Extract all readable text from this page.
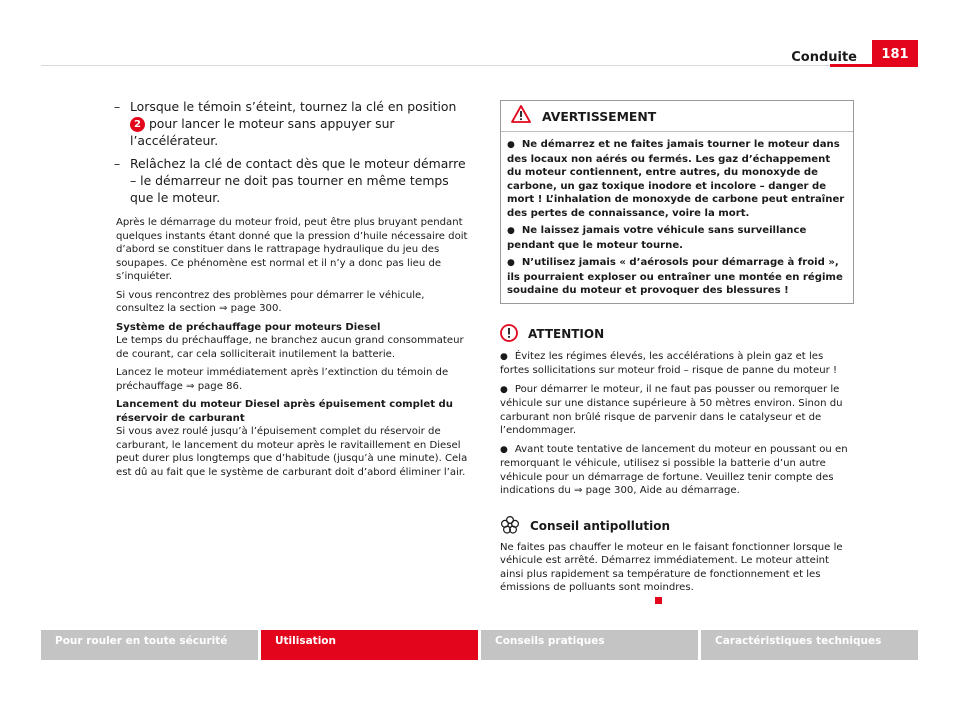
Conduite	181
– Lorsque le témoin s’éteint, tournez la clé en position 2 pour lancer le moteur sans appuyer sur l’accélérateur.
– Relâchez la clé de contact dès que le moteur démarre – le démarreur ne doit pas tourner en même temps que le moteur.

Après le démarrage du moteur froid, peut être plus bruyant pendant quelques instants étant donné que la pression d’huile nécessaire doit d’abord se constituer dans le rattrapage hydraulique du jeu des soupapes. Ce phénomène est normal et il n’y a donc pas lieu de s’inquiéter.

Si vous rencontrez des problèmes pour démarrer le véhicule, consultez la section ⇒ page 300.

Système de préchauffage pour moteurs Diesel

Le temps du préchauffage, ne branchez aucun grand consommateur de courant, car cela solliciterait inutilement la batterie.

Lancez le moteur immédiatement après l’extinction du témoin de préchauffage ⇒ page 86.

Lancement du moteur Diesel après épuisement complet du réservoir de carburant

Si vous avez roulé jusqu’à l’épuisement complet du réservoir de carburant, le lancement du moteur après le ravitaillement en Diesel peut durer plus longtemps que d’habitude (jusqu’à une minute). Cela est dû au fait que le système de carburant doit d’abord éliminer l’air.

AVERTISSEMENT

● Ne démarrez et ne faites jamais tourner le moteur dans des locaux non aérés ou fermés. Les gaz d’échappement du moteur contiennent, entre autres, du monoxyde de carbone, un gaz toxique inodore et incolore – danger de mort ! L’inhalation de monoxyde de carbone peut entraîner des pertes de connaissance, voire la mort.

● Ne laissez jamais votre véhicule sans surveillance pendant que le moteur tourne.

● N’utilisez jamais « d’aérosols pour démarrage à froid », ils pourraient exploser ou entraîner une montée en régime soudaine du moteur et provoquer des blessures !

ATTENTION

● Évitez les régimes élevés, les accélérations à plein gaz et les fortes sollicitations sur moteur froid – risque de panne du moteur !

● Pour démarrer le moteur, il ne faut pas pousser ou remorquer le véhicule sur une distance supérieure à 50 mètres environ. Sinon du carburant non brûlé risque de parvenir dans le catalyseur et de l’endommager.

● Avant toute tentative de lancement du moteur en poussant ou en remorquant le véhicule, utilisez si possible la batterie d’un autre véhicule pour un démarrage de fortune. Veuillez tenir compte des indications du ⇒ page 300, Aide au démarrage.

Conseil antipollution

Ne faites pas chauffer le moteur en le faisant fonctionner lorsque le véhicule est arrêté. Démarrez immédiatement. Le moteur atteint ainsi plus rapidement sa température de fonctionnement et les émissions de polluants sont moindres.

Pour rouler en toute sécurité	Utilisation	Conseils pratiques	Caractéristiques techniques
